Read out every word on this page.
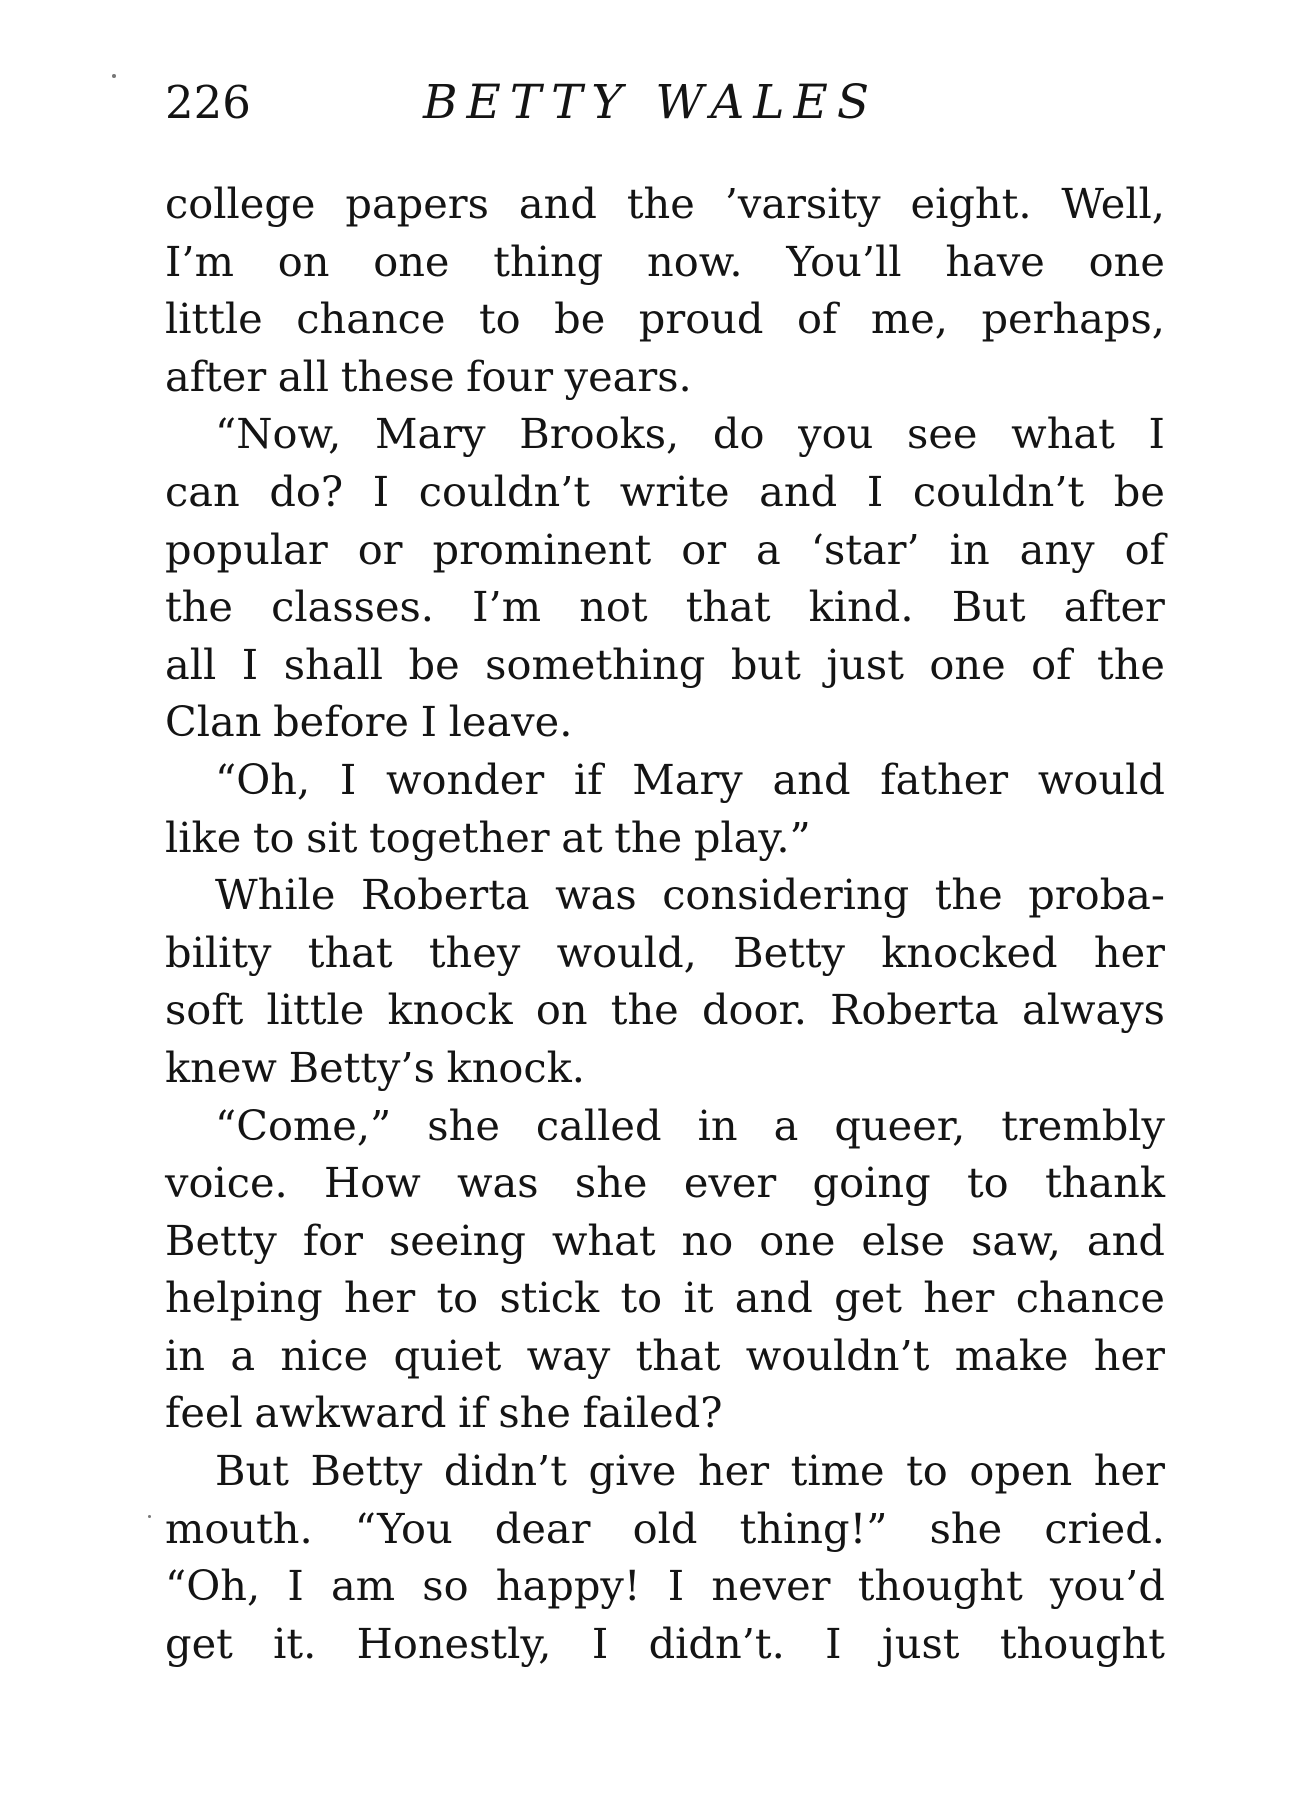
226	BETTY WALES
college papers and the ’varsity eight. Well,
I’m on one thing now. You’ll have one
little chance to be proud of me, perhaps,
after all these four years.
“Now, Mary Brooks, do you see what I
can do? I couldn’t write and I couldn’t be
popular or prominent or a ‘star’ in any of
the classes. I’m not that kind. But after
all I shall be something but just one of the
Clan before I leave.
“Oh, I wonder if Mary and father would
like to sit together at the play.”
While Roberta was considering the proba-
bility that they would, Betty knocked her
soft little knock on the door. Roberta always
knew Betty’s knock.
“Come,” she called in a queer, trembly
voice. How was she ever going to thank
Betty for seeing what no one else saw, and
helping her to stick to it and get her chance
in a nice quiet way that wouldn’t make her
feel awkward if she failed?
But Betty didn’t give her time to open her
mouth. “You dear old thing!” she cried.
“Oh, I am so happy! I never thought you’d
get it. Honestly, I didn’t. I just thought
